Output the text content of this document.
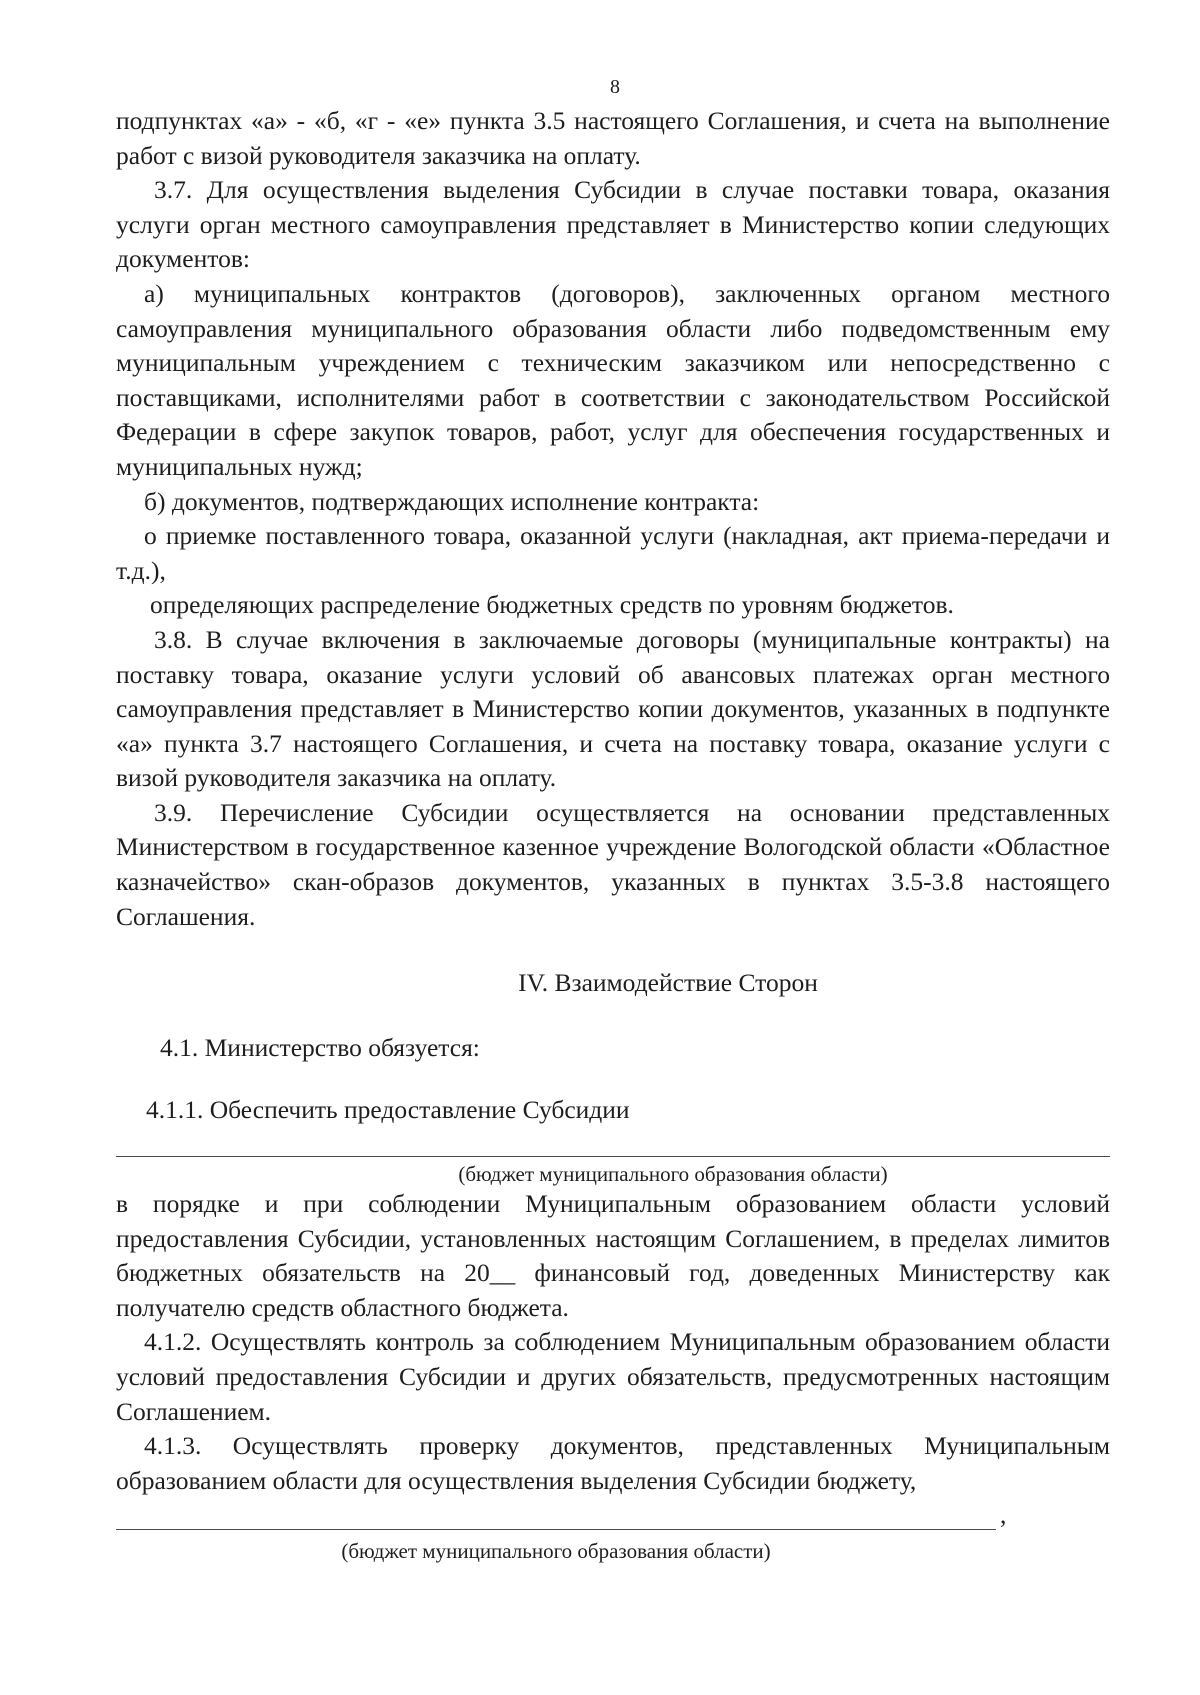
8

подпунктах «а» - «б, «г - «е» пункта 3.5 настоящего Соглашения, и счета на выполнение работ с визой руководителя заказчика на оплату.

3.7. Для осуществления выделения Субсидии в случае поставки товара, оказания услуги орган местного самоуправления представляет в Министерство копии следующих документов:

а) муниципальных контрактов (договоров), заключенных органом местного самоуправления муниципального образования области либо подведомственным ему муниципальным учреждением с техническим заказчиком или непосредственно с поставщиками, исполнителями работ в соответствии с законодательством Российской Федерации в сфере закупок товаров, работ, услуг для обеспечения государственных и муниципальных нужд;

б) документов, подтверждающих исполнение контракта:

о приемке поставленного товара, оказанной услуги (накладная, акт приема-передачи и т.д.),

определяющих распределение бюджетных средств по уровням бюджетов.

3.8. В случае включения в заключаемые договоры (муниципальные контракты) на поставку товара, оказание услуги условий об авансовых платежах орган местного самоуправления представляет в Министерство копии документов, указанных в подпункте «а» пункта 3.7 настоящего Соглашения, и счета на поставку товара, оказание услуги с визой руководителя заказчика на оплату.

3.9. Перечисление Субсидии осуществляется на основании представленных Министерством в государственное казенное учреждение Вологодской области «Областное казначейство» скан-образов документов, указанных в пунктах 3.5-3.8 настоящего Соглашения.

IV. Взаимодействие Сторон

4.1. Министерство обязуется:

4.1.1. Обеспечить предоставление Субсидии

(бюджет муниципального образования области)

в порядке и при соблюдении Муниципальным образованием области условий предоставления Субсидии, установленных настоящим Соглашением, в пределах лимитов бюджетных обязательств на 20__ финансовый год, доведенных Министерству как получателю средств областного бюджета.

4.1.2. Осуществлять контроль за соблюдением Муниципальным образованием области условий предоставления Субсидии и других обязательств, предусмотренных настоящим Соглашением.

4.1.3. Осуществлять проверку документов, представленных Муниципальным образованием области для осуществления выделения Субсидии бюджету,

,

(бюджет муниципального образования области)
